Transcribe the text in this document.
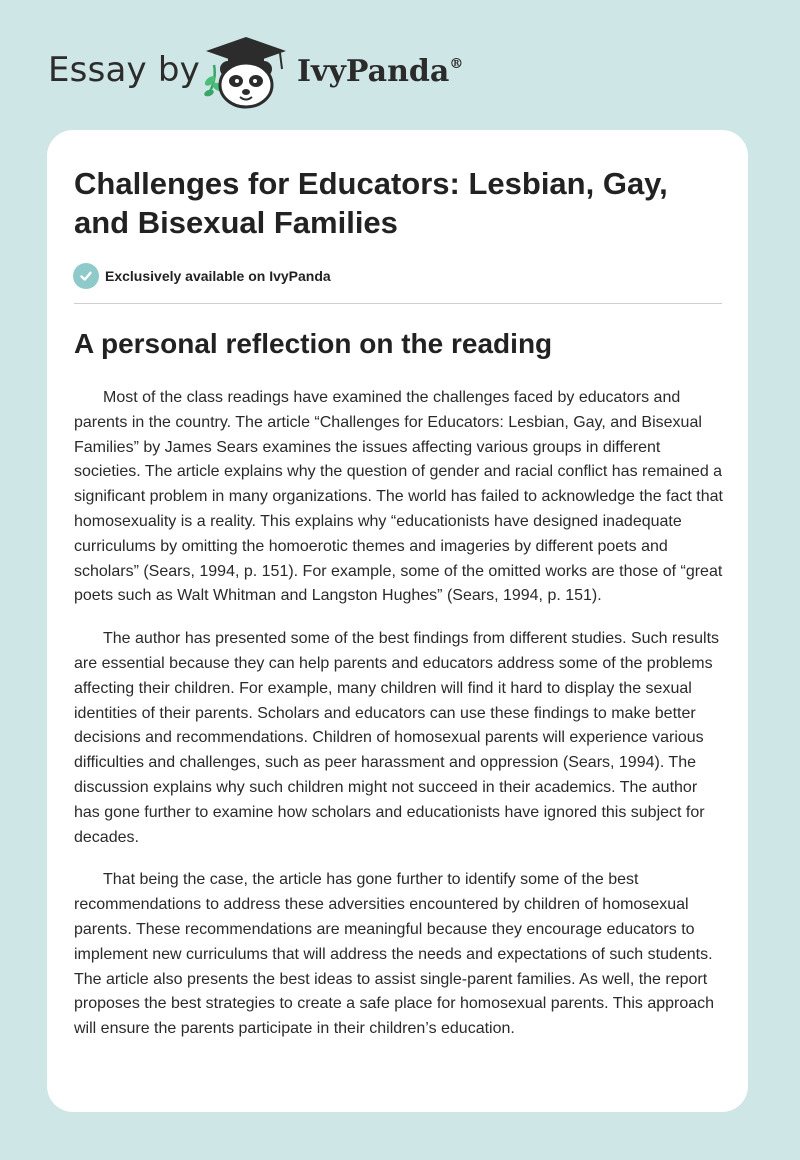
Essay by	IvyPanda®
Challenges for Educators: Lesbian, Gay, and Bisexual Families
Exclusively available on IvyPanda
A personal reflection on the reading

Most of the class readings have examined the challenges faced by educators and parents in the country. The article “Challenges for Educators: Lesbian, Gay, and Bisexual Families” by James Sears examines the issues affecting various groups in different societies. The article explains why the question of gender and racial conflict has remained a significant problem in many organizations. The world has failed to acknowledge the fact that homosexuality is a reality. This explains why “educationists have designed inadequate curriculums by omitting the homoerotic themes and imageries by different poets and scholars” (Sears, 1994, p. 151). For example, some of the omitted works are those of “great poets such as Walt Whitman and Langston Hughes” (Sears, 1994, p. 151).

The author has presented some of the best findings from different studies. Such results are essential because they can help parents and educators address some of the problems affecting their children. For example, many children will find it hard to display the sexual identities of their parents. Scholars and educators can use these findings to make better decisions and recommendations. Children of homosexual parents will experience various difficulties and challenges, such as peer harassment and oppression (Sears, 1994). The discussion explains why such children might not succeed in their academics. The author has gone further to examine how scholars and educationists have ignored this subject for decades.

That being the case, the article has gone further to identify some of the best recommendations to address these adversities encountered by children of homosexual parents. These recommendations are meaningful because they encourage educators to implement new curriculums that will address the needs and expectations of such students. The article also presents the best ideas to assist single-parent families. As well, the report proposes the best strategies to create a safe place for homosexual parents. This approach will ensure the parents participate in their children’s education.
